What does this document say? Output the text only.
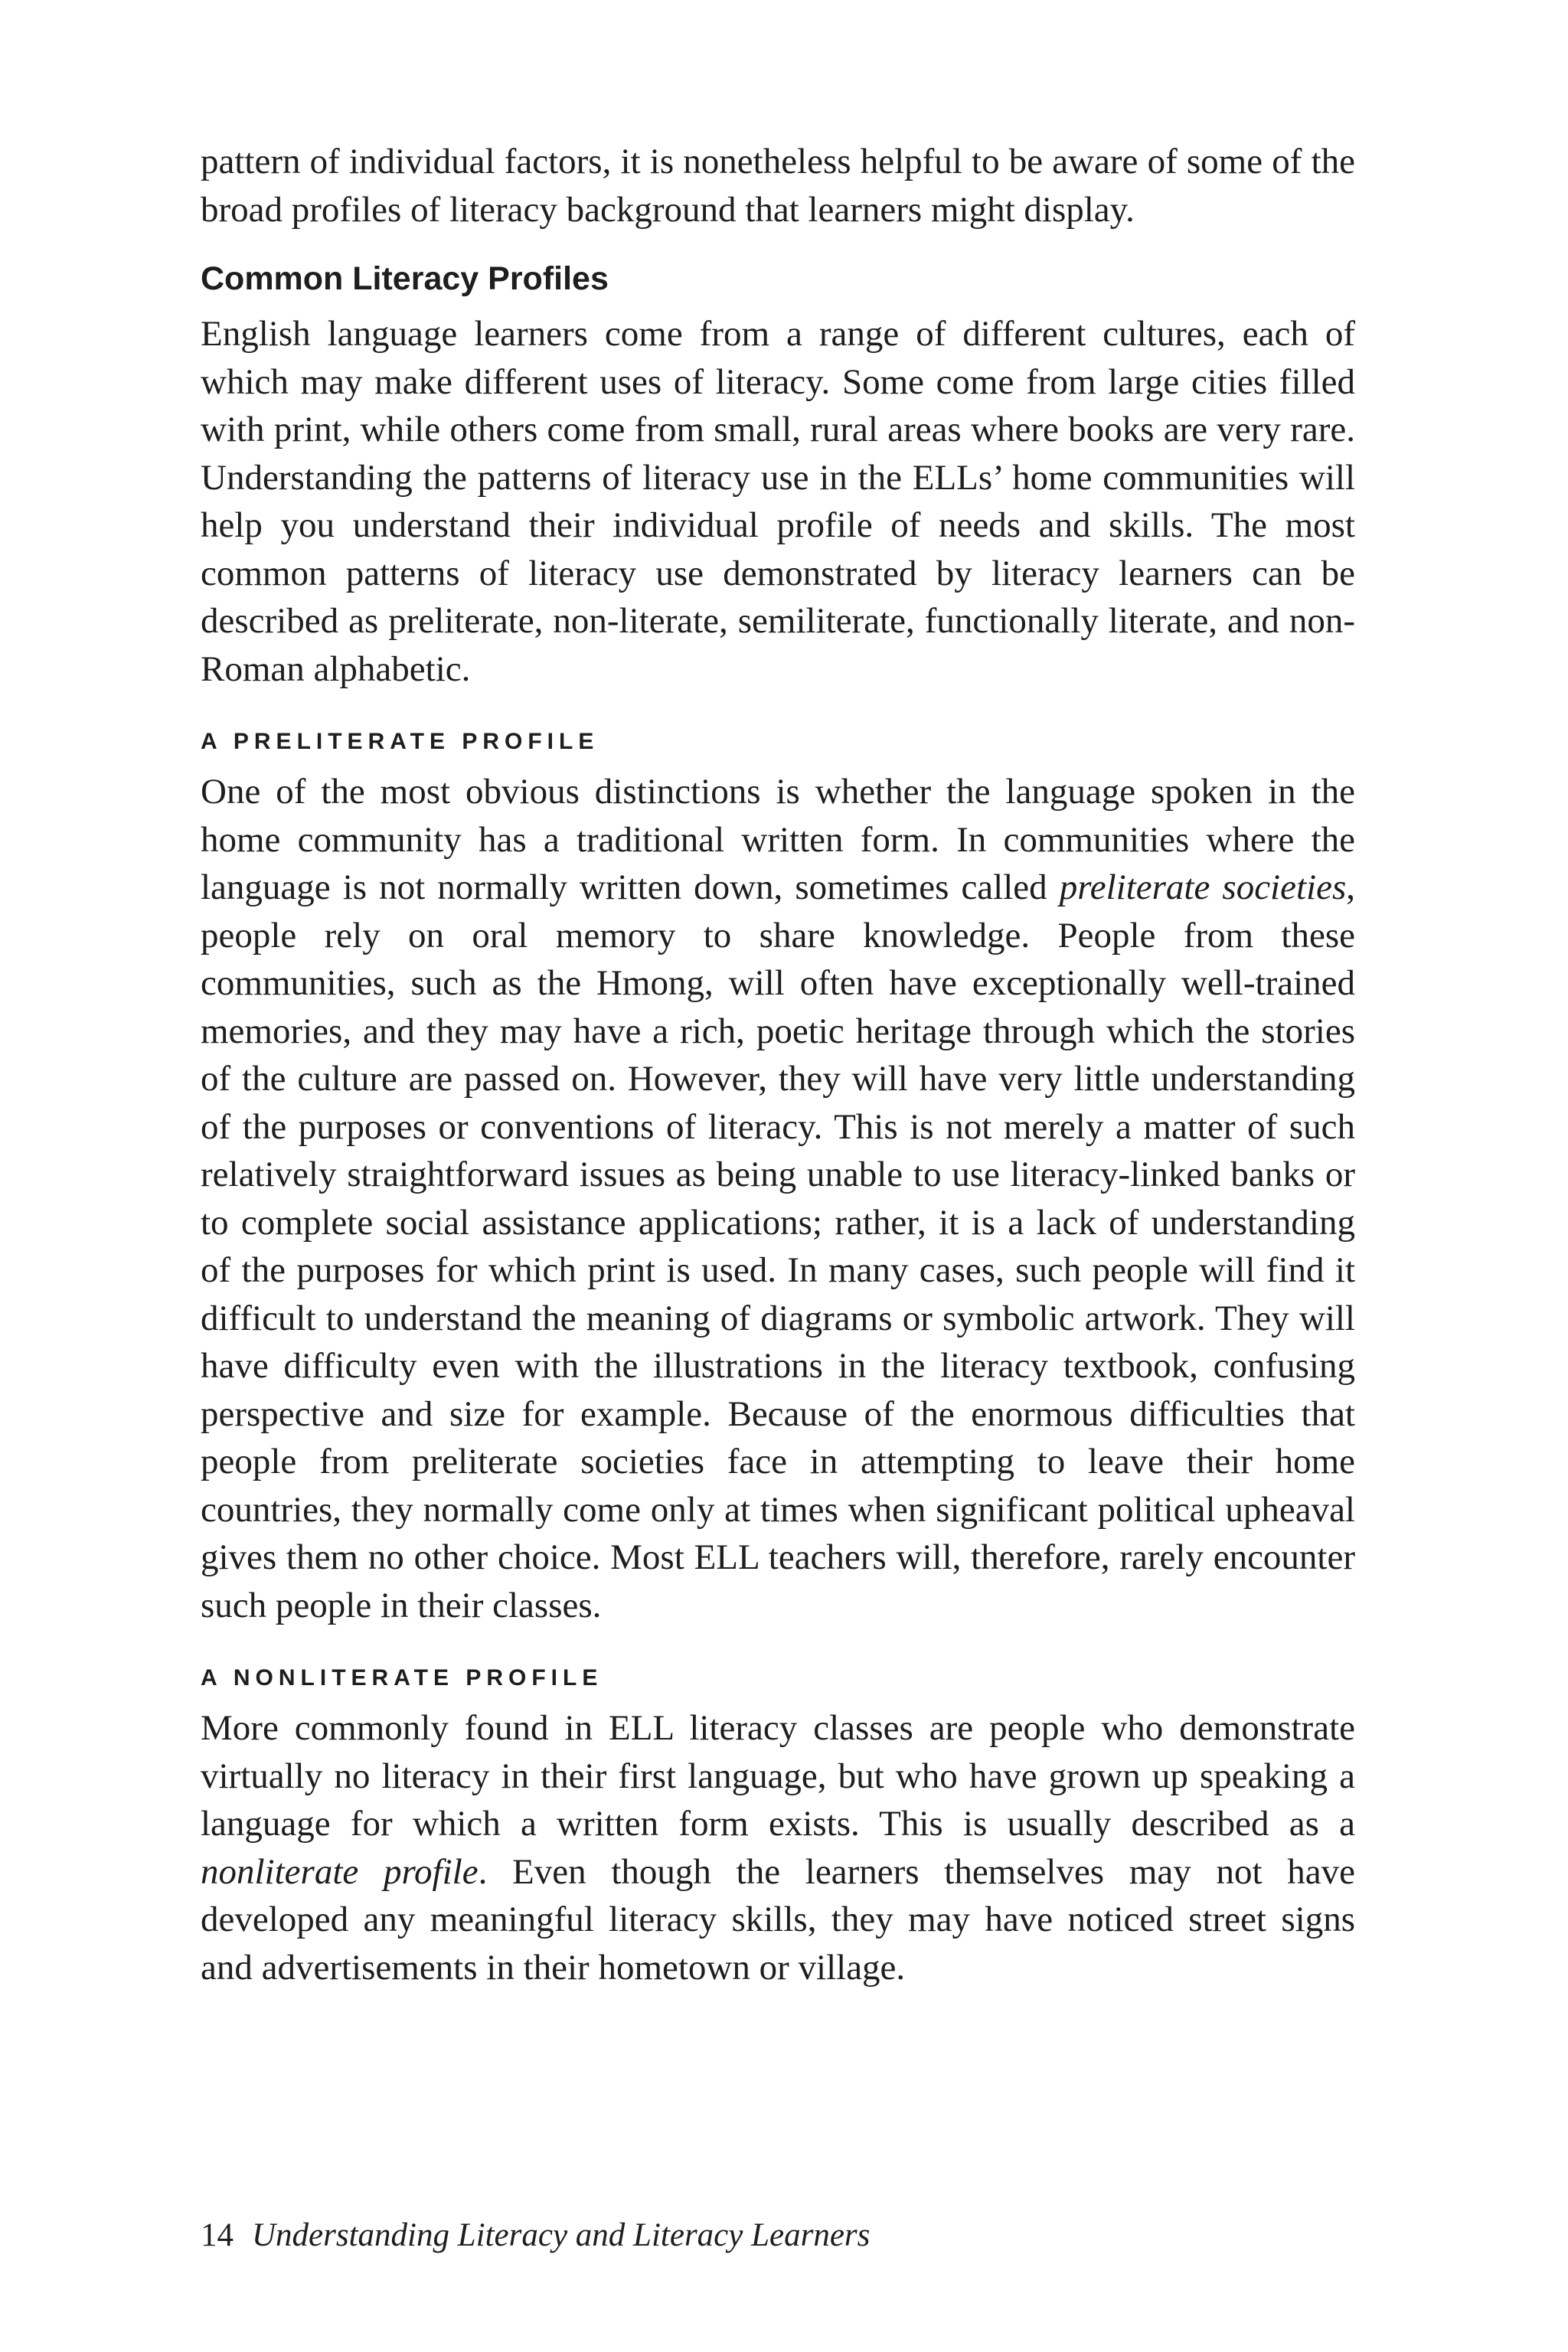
pattern of individual factors, it is nonetheless helpful to be aware of some of the broad profiles of literacy background that learners might display.

Common Literacy Profiles

English language learners come from a range of different cultures, each of which may make different uses of literacy. Some come from large cities filled with print, while others come from small, rural areas where books are very rare. Understanding the patterns of literacy use in the ELLs’ home communities will help you understand their individual profile of needs and skills. The most common patterns of literacy use demonstrated by literacy learners can be described as preliterate, non-literate, semiliterate, functionally literate, and non-Roman alphabetic.

A PRELITERATE PROFILE

One of the most obvious distinctions is whether the language spoken in the home community has a traditional written form. In communities where the language is not normally written down, sometimes called preliterate societies, people rely on oral memory to share knowledge. People from these communities, such as the Hmong, will often have exceptionally well-trained memories, and they may have a rich, poetic heritage through which the stories of the culture are passed on. However, they will have very little understanding of the purposes or conventions of literacy. This is not merely a matter of such relatively straightforward issues as being unable to use literacy-linked banks or to complete social assistance applications; rather, it is a lack of understanding of the purposes for which print is used. In many cases, such people will find it difficult to understand the meaning of diagrams or symbolic artwork. They will have difficulty even with the illustrations in the literacy textbook, confusing perspective and size for example. Because of the enormous difficulties that people from preliterate societies face in attempting to leave their home countries, they normally come only at times when significant political upheaval gives them no other choice. Most ELL teachers will, therefore, rarely encounter such people in their classes.

A NONLITERATE PROFILE

More commonly found in ELL literacy classes are people who demonstrate virtually no literacy in their first language, but who have grown up speaking a language for which a written form exists. This is usually described as a nonliterate profile. Even though the learners themselves may not have developed any meaningful literacy skills, they may have noticed street signs and advertisements in their hometown or village.

14 Understanding Literacy and Literacy Learners
